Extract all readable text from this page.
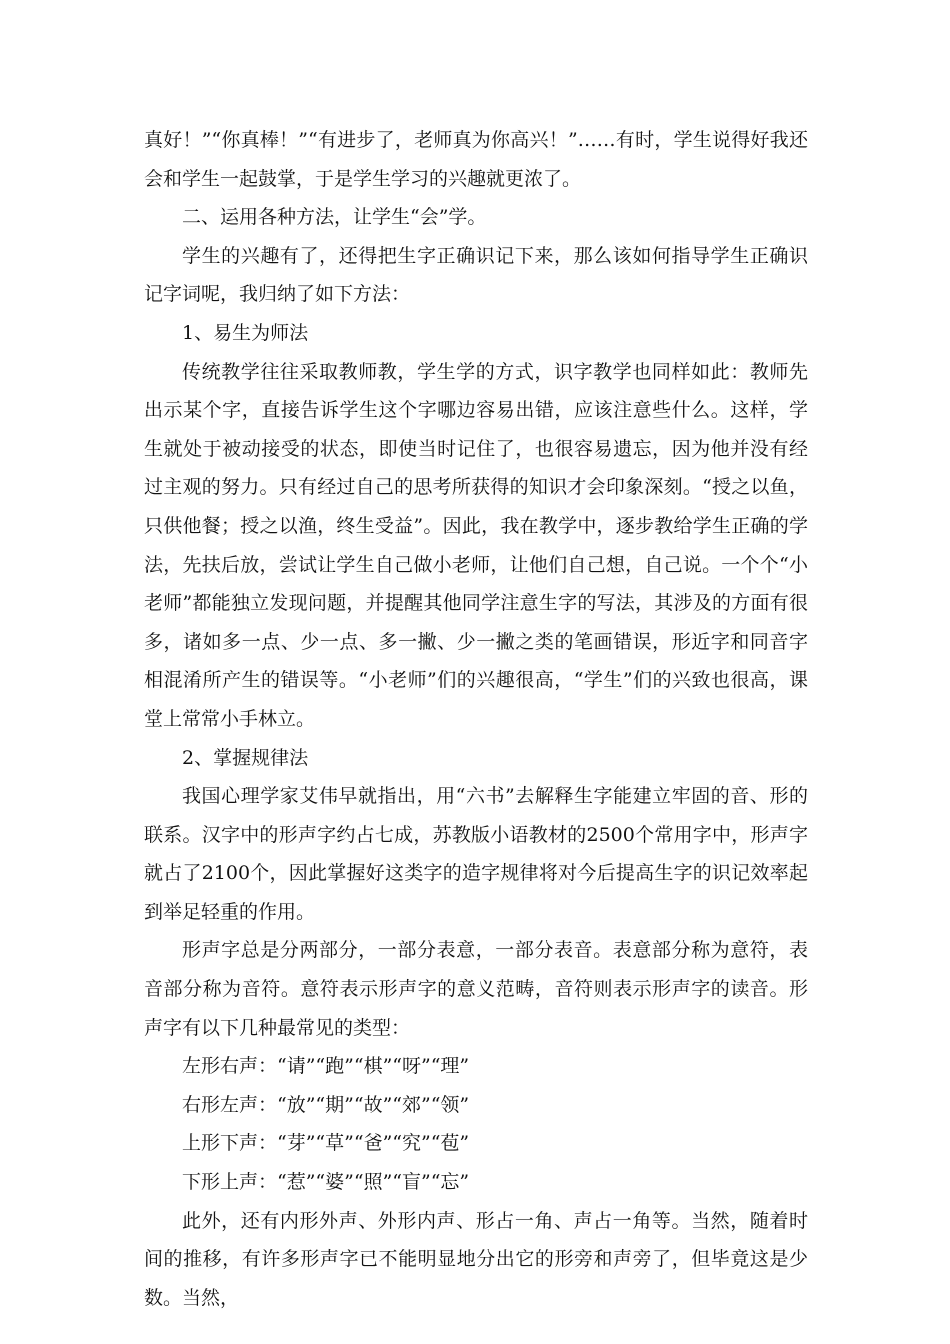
真好！”“你真棒！”“有进步了，老师真为你高兴！”……有时，学生说得好我还会和学生一起鼓掌，于是学生学习的兴趣就更浓了。

二、运用各种方法，让学生“会”学。

学生的兴趣有了，还得把生字正确识记下来，那么该如何指导学生正确识记字词呢，我归纳了如下方法：

1、易生为师法

传统教学往往采取教师教，学生学的方式，识字教学也同样如此：教师先出示某个字，直接告诉学生这个字哪边容易出错，应该注意些什么。这样，学生就处于被动接受的状态，即使当时记住了，也很容易遗忘，因为他并没有经过主观的努力。只有经过自己的思考所获得的知识才会印象深刻。“授之以鱼，只供他餐；授之以渔，终生受益”。因此，我在教学中，逐步教给学生正确的学法，先扶后放，尝试让学生自己做小老师，让他们自己想，自己说。一个个“小老师”都能独立发现问题，并提醒其他同学注意生字的写法，其涉及的方面有很多，诸如多一点、少一点、多一撇、少一撇之类的笔画错误，形近字和同音字相混淆所产生的错误等。“小老师”们的兴趣很高，“学生”们的兴致也很高，课堂上常常小手林立。

2、掌握规律法

我国心理学家艾伟早就指出，用“六书”去解释生字能建立牢固的音、形的联系。汉字中的形声字约占七成，苏教版小语教材的2500个常用字中，形声字就占了2100个，因此掌握好这类字的造字规律将对今后提高生字的识记效率起到举足轻重的作用。

形声字总是分两部分，一部分表意，一部分表音。表意部分称为意符，表音部分称为音符。意符表示形声字的意义范畴，音符则表示形声字的读音。形声字有以下几种最常见的类型：

左形右声：“请”“跑”“棋”“呀”“理”

右形左声：“放”“期”“故”“郊”“领”

上形下声：“芽”“草”“爸”“究”“苞”

下形上声：“惹”“婆”“照”“盲”“忘”

此外，还有内形外声、外形内声、形占一角、声占一角等。当然，随着时间的推移，有许多形声字已不能明显地分出它的形旁和声旁了，但毕竟这是少数。当然，
